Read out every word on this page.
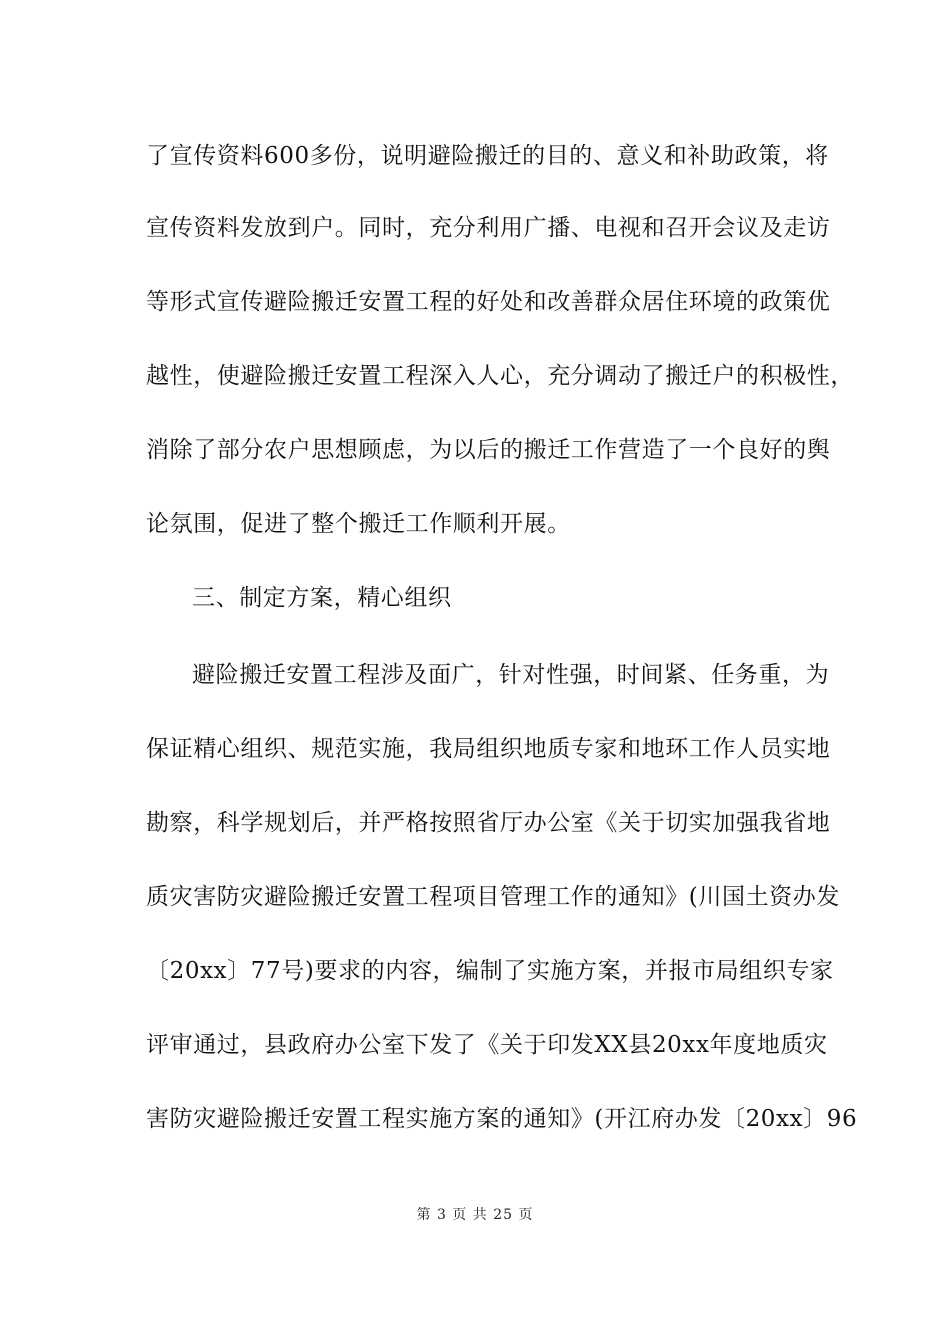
了宣传资料600多份，说明避险搬迁的目的、意义和补助政策，将
宣传资料发放到户。同时，充分利用广播、电视和召开会议及走访
等形式宣传避险搬迁安置工程的好处和改善群众居住环境的政策优
越性，使避险搬迁安置工程深入人心，充分调动了搬迁户的积极性，
消除了部分农户思想顾虑，为以后的搬迁工作营造了一个良好的舆
论氛围，促进了整个搬迁工作顺利开展。
三、制定方案，精心组织
避险搬迁安置工程涉及面广，针对性强，时间紧、任务重，为
保证精心组织、规范实施，我局组织地质专家和地环工作人员实地
勘察，科学规划后，并严格按照省厅办公室《关于切实加强我省地
质灾害防灾避险搬迁安置工程项目管理工作的通知》(川国土资办发
〔20xx〕77号)要求的内容，编制了实施方案，并报市局组织专家
评审通过，县政府办公室下发了《关于印发XX县20xx年度地质灾
害防灾避险搬迁安置工程实施方案的通知》(开江府办发〔20xx〕96
第 3 页 共 25 页
